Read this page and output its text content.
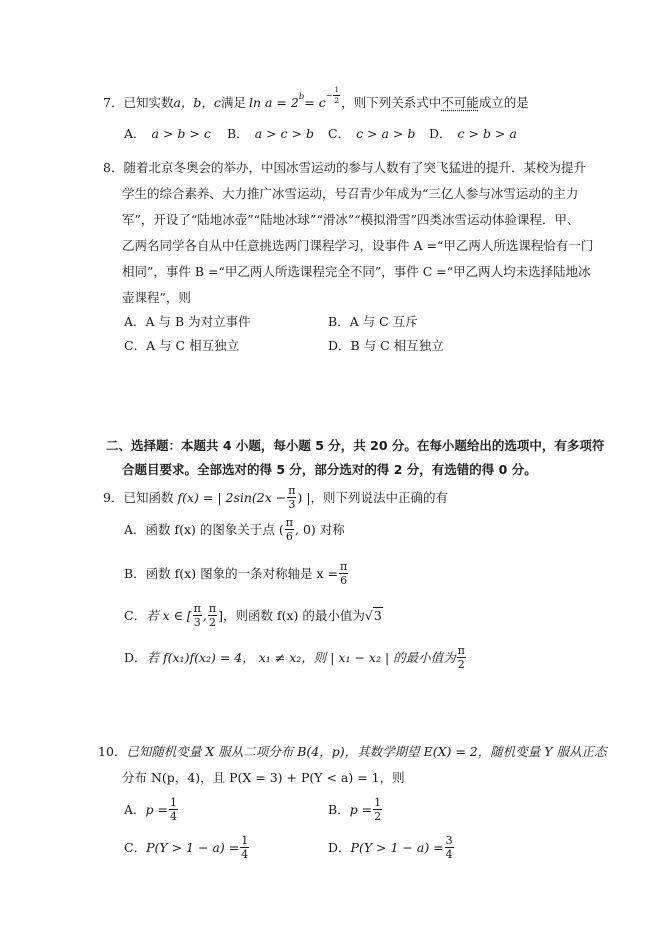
7． 已知实数 a，b，c 满足 $\ln a = 2^b = c - \frac{1}{2}$ ，则下列关系式中 不可能 成立的是
A． a > b > c B． a > c > b C． c > a > b D． c > b > a
8．随着北京冬奥会的举办，中国冰雪运动的参与人数有了突飞猛进的提升．某校为提升
学生的综合素养、大力推广冰雪运动，号召青少年成为“三亿人参与冰雪运动的主力
军”，开设了“陆地冰壶”“陆地冰球”“滑冰”“模拟滑雪”四类冰雪运动体验课程．甲、
乙两名同学各自从中任意挑选两门课程学习，设事件 A =“甲乙两人所选课程恰有一门
相同”，事件 B =“甲乙两人所选课程完全不同”，事件 C =“甲乙两人均未选择陆地冰
壶课程”，则
A．A 与 B 为对立事件	B．A 与 C 互斥
C．A 与 C 相互独立	D．B 与 C 相互独立
二、选择题：本题共 4 小题，每小题 5 分，共 20 分。在每小题给出的选项中，有多项符
合题目要求。全部选对的得 5 分，部分选对的得 2 分，有选错的得 0 分。
9． 已知函数 f(x) = | $2\sin(2x - \frac{\pi}{3}$ ) | ，则下列说法中正确的有
A． 函数 f(x) 的图象关于点 ( $\frac{\pi}{6}$ , 0) 对称
B． 函数 f(x) 图象的一条对称轴是 $x = \frac{\pi}{6}$
C． 若 x ∈ [ $\frac{\pi}{3}$ , $\frac{\pi}{2}$ ]，则函数 f(x) 的最小值为 √ 3
D． 若 f(x₁)f(x₂) = 4， x₁ ≠ x₂，则 | x₁ − x₂ | 的最小值为 $\frac{\pi}{2}$
10．已知随机变量 X 服从二项分布 B(4，p)，其数学期望 E(X) = 2，随机变量 Y 服从正态
分布 N(p，4)，且 P(X = 3) + P(Y < a) = 1，则
A． $p = \frac{1}{4}$	B． $p = \frac{1}{2}$
C． $P(Y > 1 - a) = \frac{1}{4}$	D． $P(Y > 1 - a) = \frac{3}{4}$
